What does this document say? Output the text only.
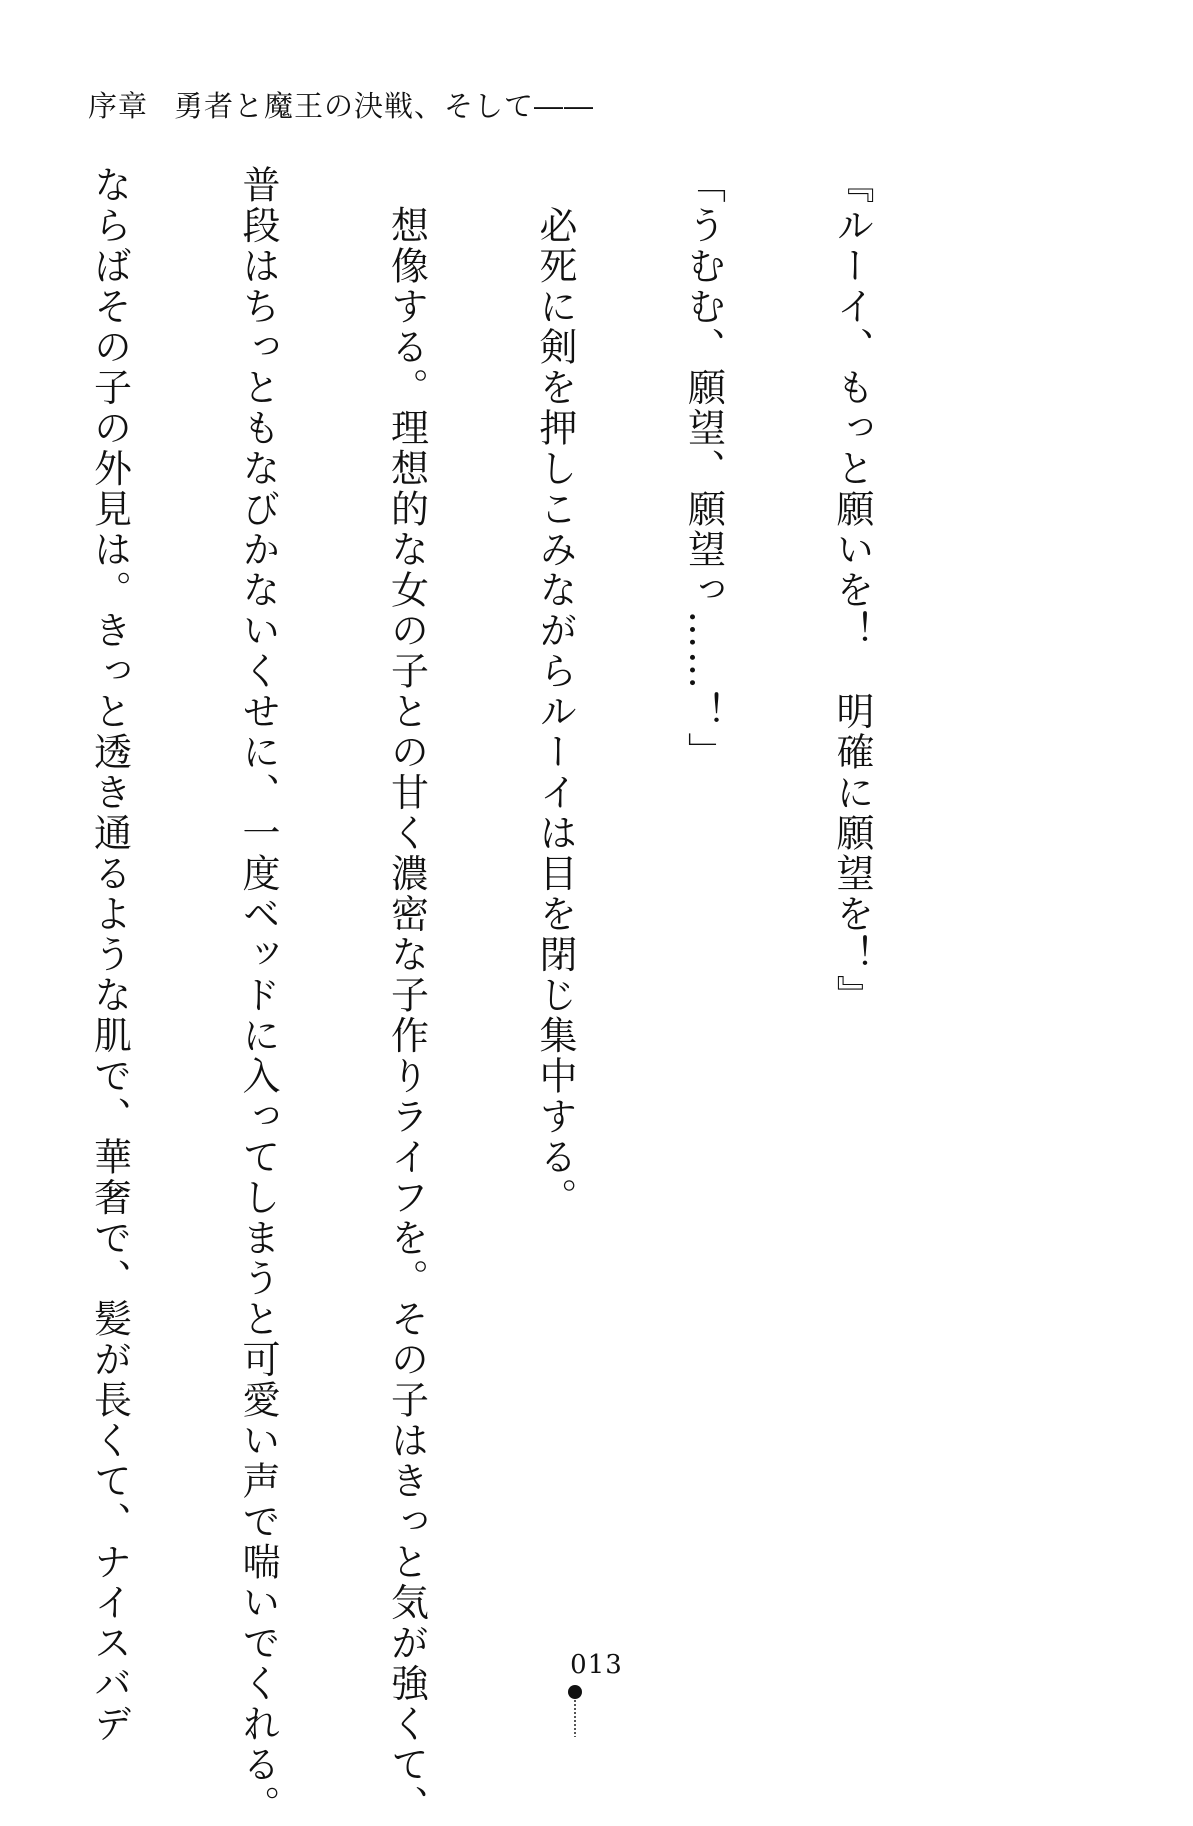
序章 勇者と魔王の決戦、そして――

『ルーイ、もっと願いを！　明確に願望を！』

「うむむ、願望、願望っ……！」

　必死に剣を押しこみながらルーイは目を閉じ集中する。

　想像する。理想的な女の子との甘く濃密な子作りライフを。その子はきっと気が強くて、

普段はちっともなびかないくせに、一度ベッドに入ってしまうと可愛い声で喘いでくれる。

ならばその子の外見は。きっと透き通るような肌で、華奢で、髪が長くて、ナイスバデ

	013
